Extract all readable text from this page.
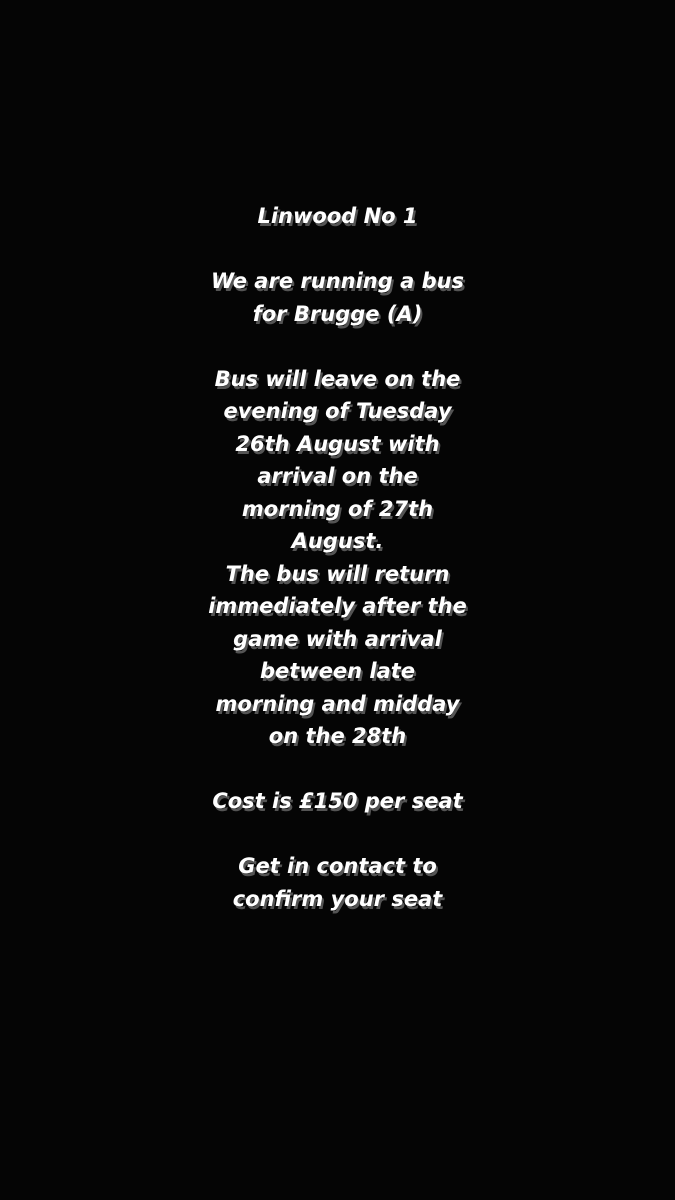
Linwood No 1
We are running a bus
for Brugge (A)
Bus will leave on the
evening of Tuesday
26th August with
arrival on the
morning of 27th
August.
The bus will return
immediately after the
game with arrival
between late
morning and midday
on the 28th
Cost is £150 per seat
Get in contact to
confirm your seat
